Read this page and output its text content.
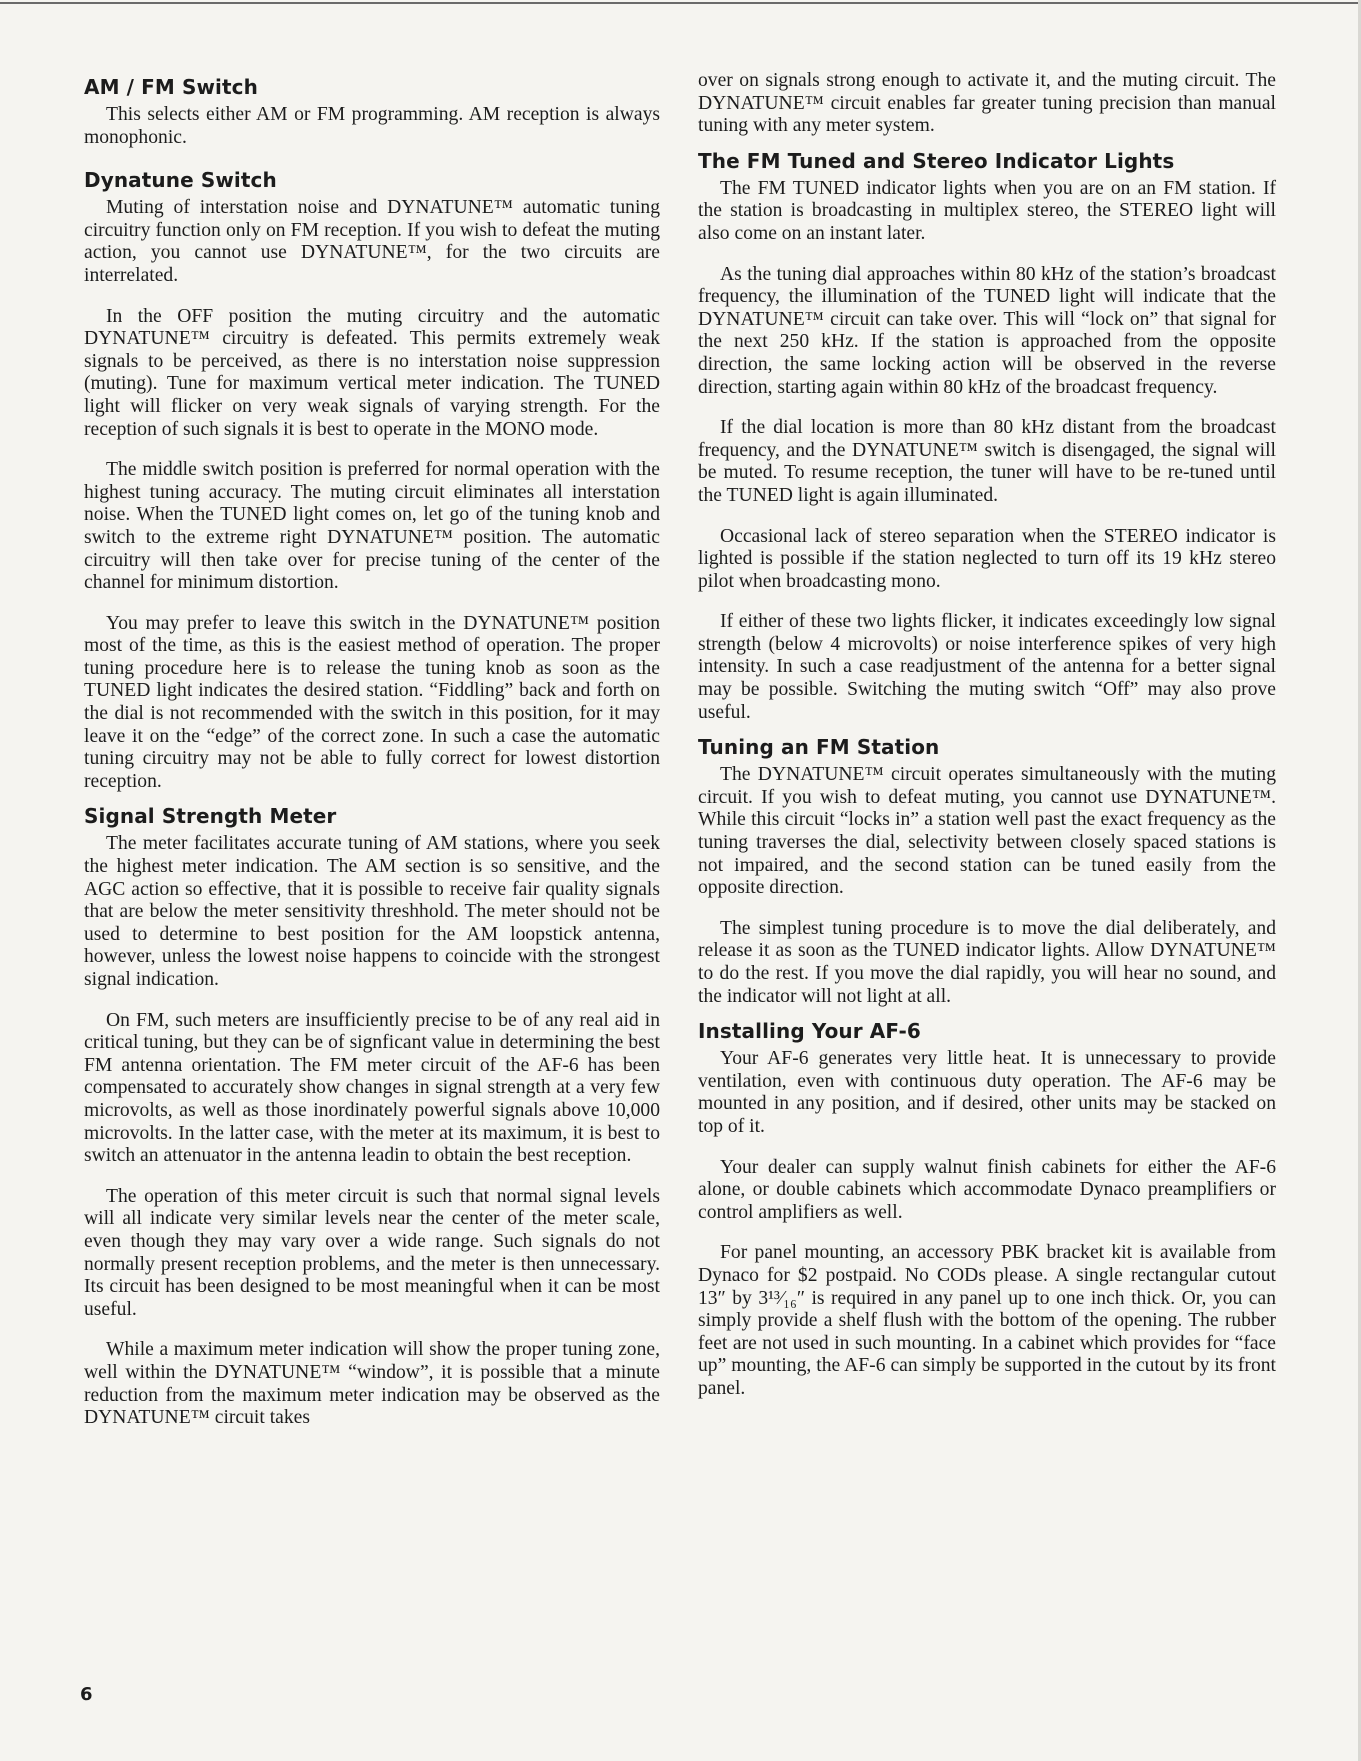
AM / FM Switch

This selects either AM or FM programming. AM reception is always monophonic.

Dynatune Switch

Muting of interstation noise and DYNATUNE™ automatic tuning circuitry function only on FM reception. If you wish to defeat the muting action, you cannot use DYNATUNE™, for the two circuits are interrelated.

In the OFF position the muting circuitry and the automatic DYNATUNE™ circuitry is defeated. This permits extremely weak signals to be perceived, as there is no interstation noise suppression (muting). Tune for maximum vertical meter indication. The TUNED light will flicker on very weak signals of varying strength. For the reception of such signals it is best to operate in the MONO mode.

The middle switch position is preferred for normal operation with the highest tuning accuracy. The muting circuit eliminates all interstation noise. When the TUNED light comes on, let go of the tuning knob and switch to the extreme right DYNATUNE™ position. The automatic circuitry will then take over for precise tuning of the center of the channel for minimum distortion.

You may prefer to leave this switch in the DYNATUNE™ position most of the time, as this is the easiest method of operation. The proper tuning procedure here is to release the tuning knob as soon as the TUNED light indicates the desired station. “Fiddling” back and forth on the dial is not recommended with the switch in this position, for it may leave it on the “edge” of the correct zone. In such a case the automatic tuning circuitry may not be able to fully correct for lowest distortion reception.

Signal Strength Meter

The meter facilitates accurate tuning of AM stations, where you seek the highest meter indication. The AM section is so sensitive, and the AGC action so effective, that it is possible to receive fair quality signals that are below the meter sensitivity threshhold. The meter should not be used to determine to best position for the AM loopstick antenna, however, unless the lowest noise happens to coincide with the strongest signal indication.

On FM, such meters are insufficiently precise to be of any real aid in critical tuning, but they can be of signficant value in determining the best FM antenna orientation. The FM meter circuit of the AF-6 has been compensated to accurately show changes in signal strength at a very few microvolts, as well as those inordinately powerful signals above 10,000 microvolts. In the latter case, with the meter at its maximum, it is best to switch an attenuator in the antenna leadin to obtain the best reception.

The operation of this meter circuit is such that normal signal levels will all indicate very similar levels near the center of the meter scale, even though they may vary over a wide range. Such signals do not normally present reception problems, and the meter is then unnecessary. Its circuit has been designed to be most meaningful when it can be most useful.

While a maximum meter indication will show the proper tuning zone, well within the DYNATUNE™ “window”, it is possible that a minute reduction from the maximum meter indication may be observed as the DYNATUNE™ circuit takes

over on signals strong enough to activate it, and the muting circuit. The DYNATUNE™ circuit enables far greater tuning precision than manual tuning with any meter system.

The FM Tuned and Stereo Indicator Lights

The FM TUNED indicator lights when you are on an FM station. If the station is broadcasting in multiplex stereo, the STEREO light will also come on an instant later.

As the tuning dial approaches within 80 kHz of the station’s broadcast frequency, the illumination of the TUNED light will indicate that the DYNATUNE™ circuit can take over. This will “lock on” that signal for the next 250 kHz. If the station is approached from the opposite direction, the same locking action will be observed in the reverse direction, starting again within 80 kHz of the broadcast frequency.

If the dial location is more than 80 kHz distant from the broadcast frequency, and the DYNATUNE™ switch is disengaged, the signal will be muted. To resume reception, the tuner will have to be re-tuned until the TUNED light is again illuminated.

Occasional lack of stereo separation when the STEREO indicator is lighted is possible if the station neglected to turn off its 19 kHz stereo pilot when broadcasting mono.

If either of these two lights flicker, it indicates exceedingly low signal strength (below 4 microvolts) or noise interference spikes of very high intensity. In such a case readjustment of the antenna for a better signal may be possible. Switching the muting switch “Off” may also prove useful.

Tuning an FM Station

The DYNATUNE™ circuit operates simultaneously with the muting circuit. If you wish to defeat muting, you cannot use DYNATUNE™. While this circuit “locks in” a station well past the exact frequency as the tuning traverses the dial, selectivity between closely spaced stations is not impaired, and the second station can be tuned easily from the opposite direction.

The simplest tuning procedure is to move the dial deliberately, and release it as soon as the TUNED indicator lights. Allow DYNATUNE™ to do the rest. If you move the dial rapidly, you will hear no sound, and the indicator will not light at all.

Installing Your AF-6

Your AF-6 generates very little heat. It is unnecessary to provide ventilation, even with continuous duty operation. The AF-6 may be mounted in any position, and if desired, other units may be stacked on top of it.

Your dealer can supply walnut finish cabinets for either the AF-6 alone, or double cabinets which accommodate Dynaco preamplifiers or control amplifiers as well.

For panel mounting, an accessory PBK bracket kit is available from Dynaco for $2 postpaid. No CODs please. A single rectangular cutout 13″ by 3¹³⁄₁₆″ is required in any panel up to one inch thick. Or, you can simply provide a shelf flush with the bottom of the opening. The rubber feet are not used in such mounting. In a cabinet which provides for “face up” mounting, the AF-6 can simply be supported in the cutout by its front panel.

6
